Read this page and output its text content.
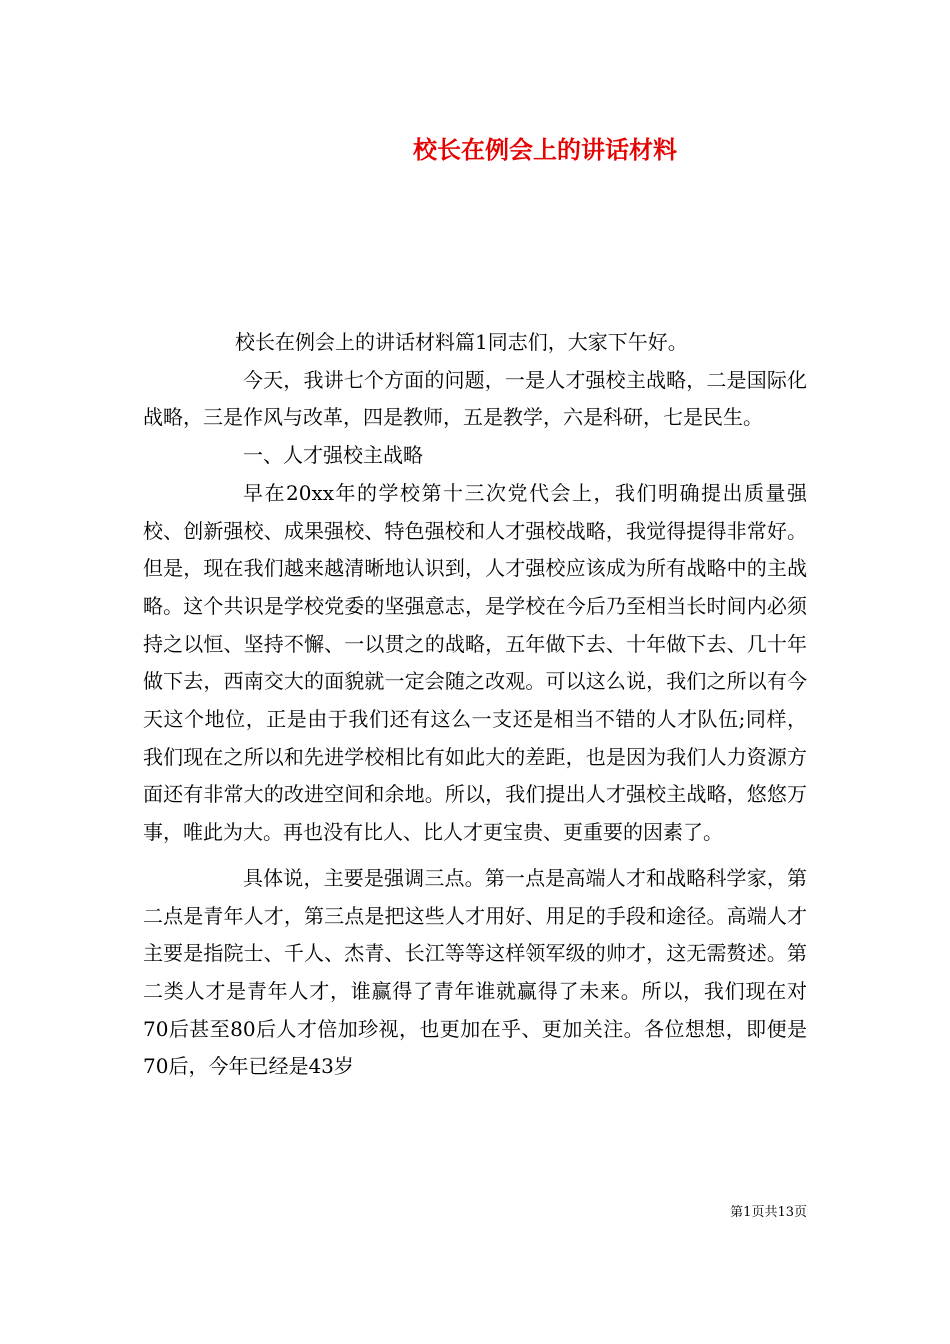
校长在例会上的讲话材料

校长在例会上的讲话材料篇1同志们，大家下午好。

今天，我讲七个方面的问题，一是人才强校主战略，二是国际化战略，三是作风与改革，四是教师，五是教学，六是科研，七是民生。

一、人才强校主战略

早在20xx年的学校第十三次党代会上，我们明确提出质量强校、创新强校、成果强校、特色强校和人才强校战略，我觉得提得非常好。但是，现在我们越来越清晰地认识到，人才强校应该成为所有战略中的主战略。这个共识是学校党委的坚强意志，是学校在今后乃至相当长时间内必须持之以恒、坚持不懈、一以贯之的战略，五年做下去、十年做下去、几十年做下去，西南交大的面貌就一定会随之改观。可以这么说，我们之所以有今天这个地位，正是由于我们还有这么一支还是相当不错的人才队伍;同样，我们现在之所以和先进学校相比有如此大的差距，也是因为我们人力资源方面还有非常大的改进空间和余地。所以，我们提出人才强校主战略，悠悠万事，唯此为大。再也没有比人、比人才更宝贵、更重要的因素了。

具体说，主要是强调三点。第一点是高端人才和战略科学家，第二点是青年人才，第三点是把这些人才用好、用足的手段和途径。高端人才主要是指院士、千人、杰青、长江等等这样领军级的帅才，这无需赘述。第二类人才是青年人才，谁赢得了青年谁就赢得了未来。所以，我们现在对70后甚至80后人才倍加珍视，也更加在乎、更加关注。各位想想，即便是70后，今年已经是43岁

第1页共13页
